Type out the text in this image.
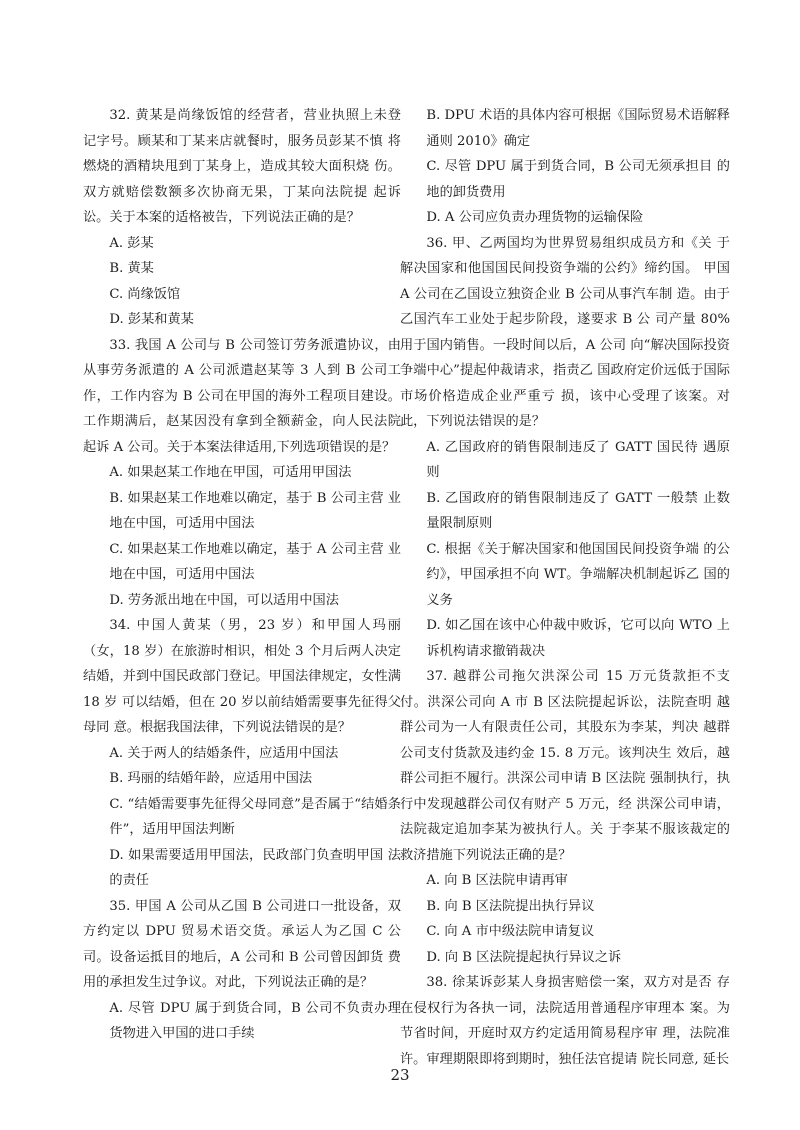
32. 黄某是尚缘饭馆的经营者，营业执照上未登 记字号。顾某和丁某来店就餐时，服务员彭某不慎 将燃烧的酒精块甩到丁某身上，造成其较大面积烧 伤。双方就赔偿数额多次协商无果，丁某向法院提 起诉讼。关于本案的适格被告，下列说法正确的是？

A. 彭某

B. 黄某

C. 尚缘饭馆

D. 彭某和黄某

33. 我国 A 公司与 B 公司签订劳务派遣协议，由从事劳务派遣的 A 公司派遣赵某等 3 人到 B 公司工 作，工作内容为 B 公司在甲国的海外工程项目建设。 工作期满后，赵某因没有拿到全额薪金，向人民法院 起诉 A 公司。关于本案法律适用,下列选项错误的是？

A. 如果赵某工作地在甲国，可适用甲国法

B. 如果赵某工作地难以确定，基于 B 公司主营 业地在中国，可适用中国法

C. 如果赵某工作地难以确定，基于 A 公司主营 业地在中国，可适用中国法

D. 劳务派出地在中国，可以适用中国法

34. 中国人黄某（男，23 岁）和甲国人玛丽（女，18 岁）在旅游时相识，相处 3 个月后两人决定结婚，并到中国民政部门登记。甲国法律规定，女性满 18 岁 可以结婚，但在 20 岁以前结婚需要事先征得父母同 意。根据我国法律，下列说法错误的是？

A. 关于两人的结婚条件，应适用中国法

B. 玛丽的结婚年龄，应适用中国法

C. “结婚需要事先征得父母同意”是否属于“结婚条件”，适用甲国法判断

D. 如果需要适用甲国法，民政部门负查明甲国 法的责任

35. 甲国 A 公司从乙国 B 公司进口一批设备，双方约定以 DPU 贸易术语交货。承运人为乙国 C 公 司。设备运抵目的地后，A 公司和 B 公司曾因卸货 费用的承担发生过争议。对此，下列说法正确的是？

A. 尽管 DPU 属于到货合同，B 公司不负责办理 货物进入甲国的进口手续

B. DPU 术语的具体内容可根据《国际贸易术语解释通则 2010》确定

C. 尽管 DPU 属于到货合同，B 公司无须承担目 的地的卸货费用

D. A 公司应负责办理货物的运输保险

36. 甲、乙两国均为世界贸易组织成员方和《关 于解决国家和他国国民间投资争端的公约》缔约国。 甲国 A 公司在乙国设立独资企业 B 公司从事汽车制 造。由于乙国汽车工业处于起步阶段，遂要求 B 公 司产量 80%用于国内销售。一段时间以后，A 公司 向“解决国际投资争端中心”提起仲裁请求，指责乙 国政府定价远低于国际市场价格造成企业严重亏 损，该中心受理了该案。对此，下列说法错误的是？

A. 乙国政府的销售限制违反了 GATT 国民待 遇原则

B. 乙国政府的销售限制违反了 GATT 一般禁 止数量限制原则

C. 根据《关于解决国家和他国国民间投资争端 的公约》，甲国承担不向 WT。争端解决机制起诉乙 国的义务

D. 如乙国在该中心仲裁中败诉，它可以向 WTO 上诉机构请求撤销裁决

37. 越群公司拖欠洪深公司 15 万元货款拒不支 付。洪深公司向 A 市 B 区法院提起诉讼，法院查明 越群公司为一人有限责任公司，其股东为李某，判决 越群公司支付货款及违约金 15. 8 万元。该判决生 效后，越群公司拒不履行。洪深公司申请 B 区法院 强制执行，执行中发现越群公司仅有财产 5 万元，经 洪深公司申请，法院裁定追加李某为被执行人。关 于李某不服该裁定的救济措施下列说法正确的是？

A. 向 B 区法院申请再审

B. 向 B 区法院提出执行异议

C. 向 A 市中级法院申请复议

D. 向 B 区法院提起执行异议之诉

38. 徐某诉彭某人身损害赔偿一案，双方对是否 存在侵权行为各执一词，法院适用普通程序审理本 案。为节省时间，开庭时双方约定适用简易程序审 理，法院准许。审理期限即将到期时，独任法官提请 院长同意, 延长

23
